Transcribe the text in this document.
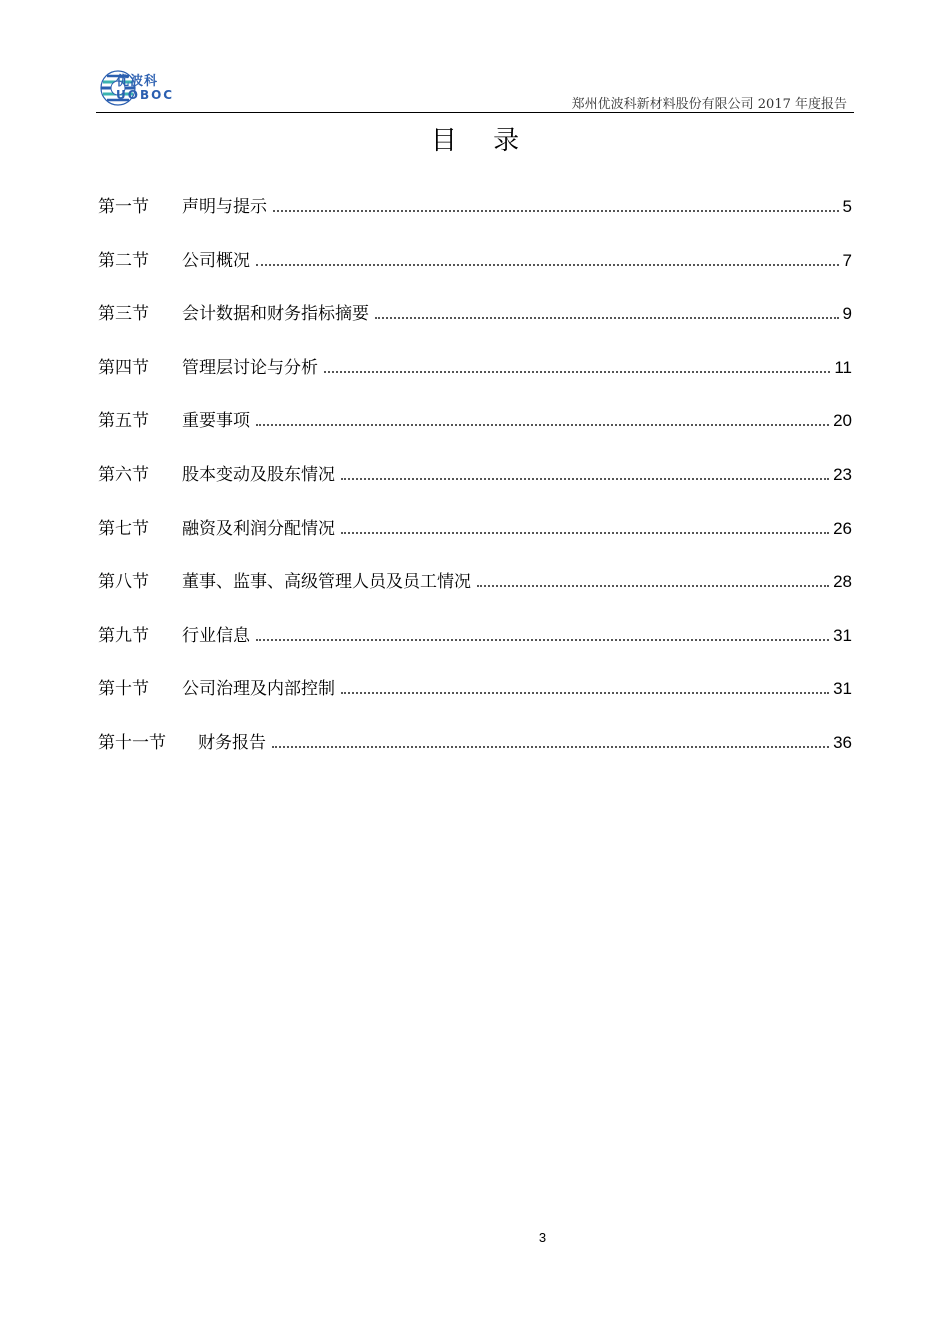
优波科
UOBOC
郑州优波科新材料股份有限公司 2017 年度报告
目 录
第一节	声明与提示	5
第二节	公司概况	7
第三节	会计数据和财务指标摘要	9
第四节	管理层讨论与分析	11
第五节	重要事项	20
第六节	股本变动及股东情况	23
第七节	融资及利润分配情况	26
第八节	董事、监事、高级管理人员及员工情况	28
第九节	行业信息	31
第十节	公司治理及内部控制	31
第十一节	财务报告	36
3
